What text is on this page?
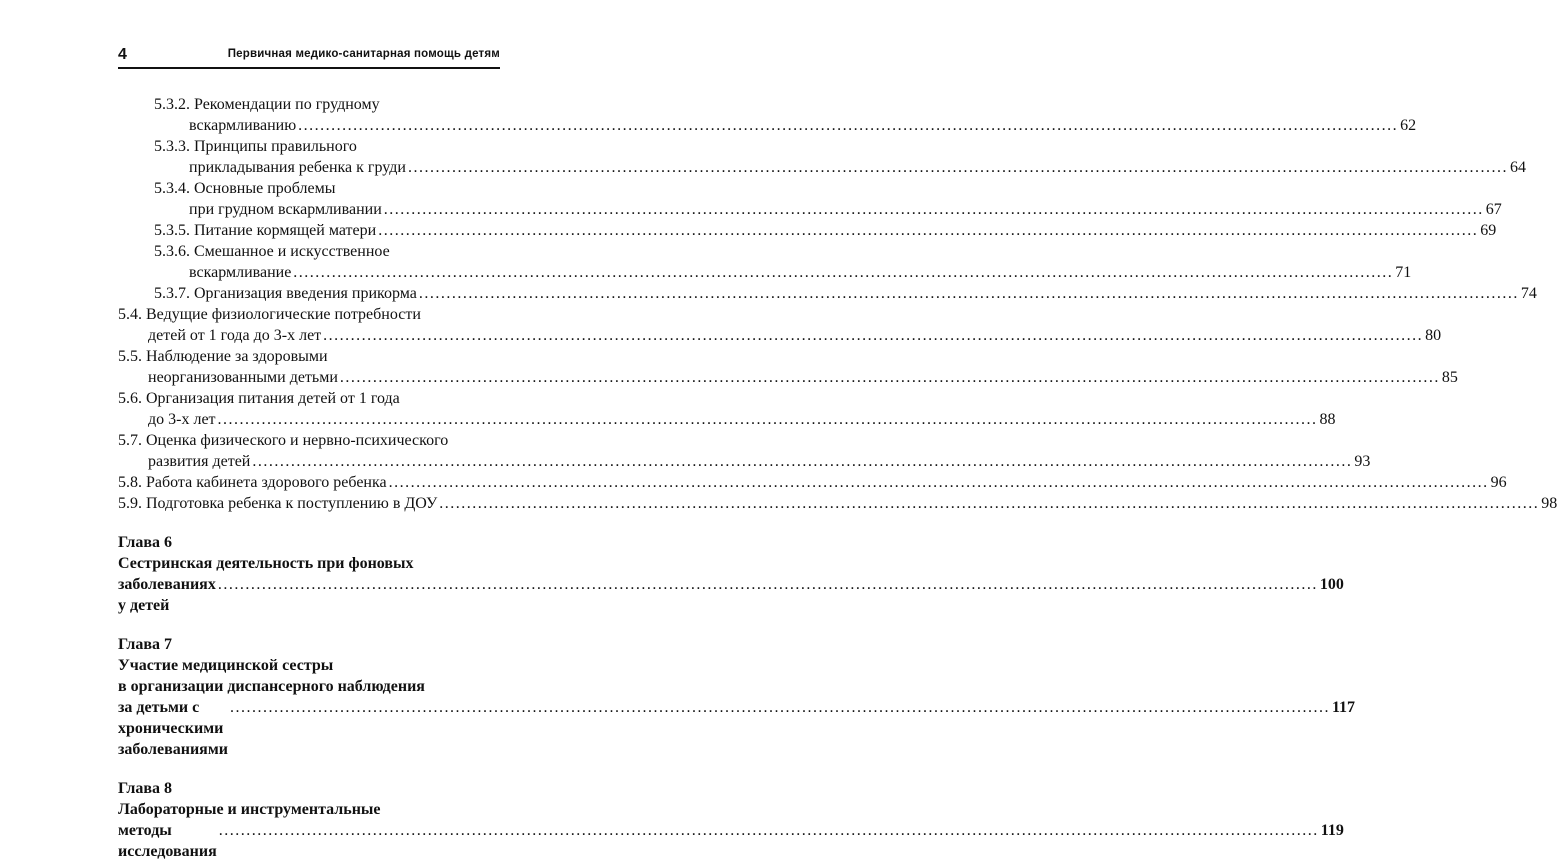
4	Первичная медико-санитарная помощь детям
5.3.2. Рекомендации по грудному
вскармливанию ........................................................................................................................................................................................................ 62
5.3.3. Принципы правильного
прикладывания ребенка к груди ........................................................................................................................................................................................................ 64
5.3.4. Основные проблемы
при грудном вскармливании ........................................................................................................................................................................................................ 67
5.3.5. Питание кормящей матери ........................................................................................................................................................................................................ 69
5.3.6. Смешанное и искусственное
вскармливание ........................................................................................................................................................................................................ 71
5.3.7. Организация введения прикорма ........................................................................................................................................................................................................ 74
5.4. Ведущие физиологические потребности
детей от 1 года до 3-х лет ........................................................................................................................................................................................................ 80
5.5. Наблюдение за здоровыми
неорганизованными детьми ........................................................................................................................................................................................................ 85
5.6. Организация питания детей от 1 года
до 3-х лет ........................................................................................................................................................................................................ 88
5.7. Оценка физического и нервно-психического
развития детей ........................................................................................................................................................................................................ 93
5.8. Работа кабинета здорового ребенка ........................................................................................................................................................................................................ 96
5.9. Подготовка ребенка к поступлению в ДОУ ........................................................................................................................................................................................................ 98
Глава 6
Сестринская деятельность при фоновых
заболеваниях у детей
........................................................................................................................................................................................................ 100
Глава 7
Участие медицинской сестры
в организации диспансерного наблюдения
за детьми с хроническими заболеваниями
........................................................................................................................................................................................................ 117
Глава 8
Лабораторные и инструментальные
методы исследования
........................................................................................................................................................................................................ 119
